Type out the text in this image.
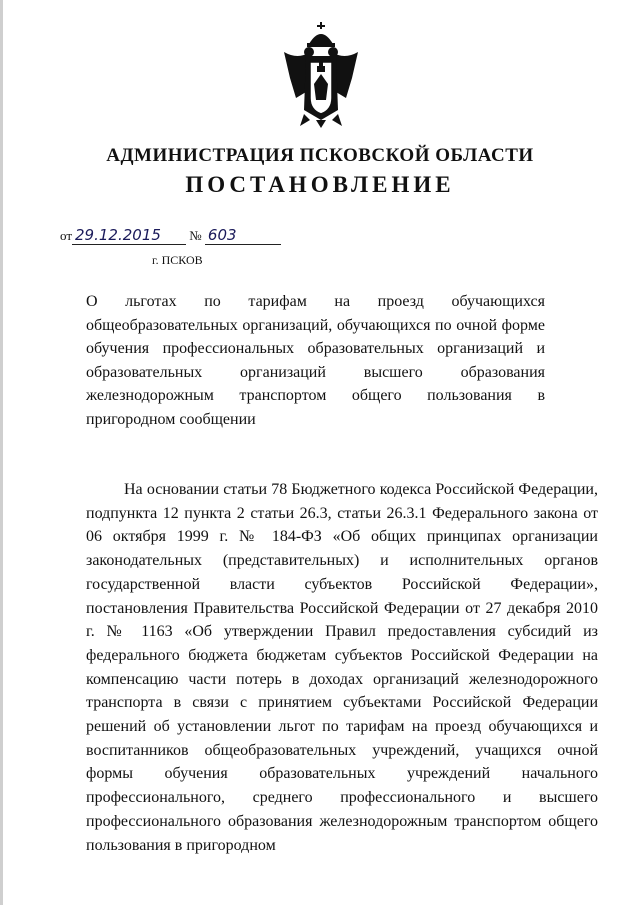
АДМИНИСТРАЦИЯ ПСКОВСКОЙ ОБЛАСТИ
ПОСТАНОВЛЕНИЕ
от 29.12.2015 № 603
г. ПСКОВ
О льготах по тарифам на проезд обучающихся общеобразовательных организаций, обучающихся по очной форме обучения профессиональных образовательных организаций и образовательных организаций высшего образования железнодорожным транспортом общего пользования в пригородном сообщении
На основании статьи 78 Бюджетного кодекса Российской Федерации, подпункта 12 пункта 2 статьи 26.3, статьи 26.3.1 Федерального закона от 06 октября 1999 г. № 184-ФЗ «Об общих принципах организации законодательных (представительных) и исполнительных органов государственной власти субъектов Российской Федерации», постановления Правительства Российской Федерации от 27 декабря 2010 г. № 1163 «Об утверждении Правил предоставления субсидий из федерального бюджета бюджетам субъектов Российской Федерации на компенсацию части потерь в доходах организаций железнодорожного транспорта в связи с принятием субъектами Российской Федерации решений об установлении льгот по тарифам на проезд обучающихся и воспитанников общеобразовательных учреждений, учащихся очной формы обучения образовательных учреждений начального профессионального, среднего профессионального и высшего профессионального образования железнодорожным транспортом общего пользования в пригородном
